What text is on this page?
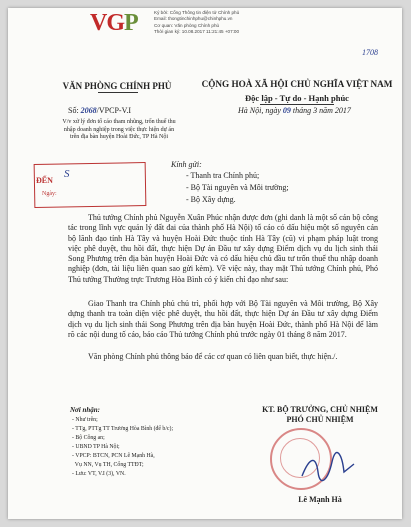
VGP	Ký bởi: Cổng Thông tin điện tử Chính phủ
Email: thongtinchinhphu@chinhphu.vn
Cơ quan: Văn phòng Chính phủ
Thời gian ký: 10.08.2017 11:21:45 +07:00
1708
VĂN PHÒNG CHÍNH PHỦ	CỘNG HOÀ XÃ HỘI CHỦ NGHĨA VIỆT NAM
Độc lập - Tự do - Hạnh phúc
Số: 2068/VPCP-V.I	Hà Nội, ngày 09 tháng 3 năm 2017
V/v xử lý đơn tố cáo tham nhũng, trốn thuế thu nhập doanh nghiệp trong việc thực hiện dự án trên địa bàn huyện Hoài Đức, TP Hà Nội
ĐẾN
S
Ngày:
Kính gửi:
- Thanh tra Chính phủ;
- Bộ Tài nguyên và Môi trường;
- Bộ Xây dựng.
Thủ tướng Chính phủ Nguyễn Xuân Phúc nhận được đơn (ghi danh là một số cán bộ công tác trong lĩnh vực quản lý đất đai của thành phố Hà Nội) tố cáo có dấu hiệu một số nguyên cán bộ lãnh đạo tỉnh Hà Tây và huyện Hoài Đức thuộc tỉnh Hà Tây (cũ) vi phạm pháp luật trong việc phê duyệt, thu hồi đất, thực hiện Dự án Đầu tư xây dựng Điểm dịch vụ du lịch sinh thái Song Phương trên địa bàn huyện Hoài Đức và có dấu hiệu chủ đầu tư trốn thuế thu nhập doanh nghiệp (đơn, tài liệu liên quan sao gửi kèm). Về việc này, thay mặt Thủ tướng Chính phủ, Phó Thủ tướng Thường trực Trương Hòa Bình có ý kiến chỉ đạo như sau:
Giao Thanh tra Chính phủ chủ trì, phối hợp với Bộ Tài nguyên và Môi trường, Bộ Xây dựng thanh tra toàn diện việc phê duyệt, thu hồi đất, thực hiện Dự án Đầu tư xây dựng Điểm dịch vụ du lịch sinh thái Song Phương trên địa bàn huyện Hoài Đức, thành phố Hà Nội để làm rõ các nội dung tố cáo, báo cáo Thủ tướng Chính phủ trước ngày 01 tháng 8 năm 2017.
Văn phòng Chính phủ thông báo để các cơ quan có liên quan biết, thực hiện./.
Nơi nhận:
- Như trên;
- TTg, PTTg TT Trương Hòa Bình (để b/c);
- Bộ Công an;
- UBND TP Hà Nội;
- VPCP: BTCN, PCN Lê Mạnh Hà,
Vụ NN, Vụ TH, Cổng TTĐT;
- Lưu: VT, V.I (3), VN.
KT. BỘ TRƯỞNG, CHỦ NHIỆM
PHÓ CHỦ NHIỆM
Lê Mạnh Hà
